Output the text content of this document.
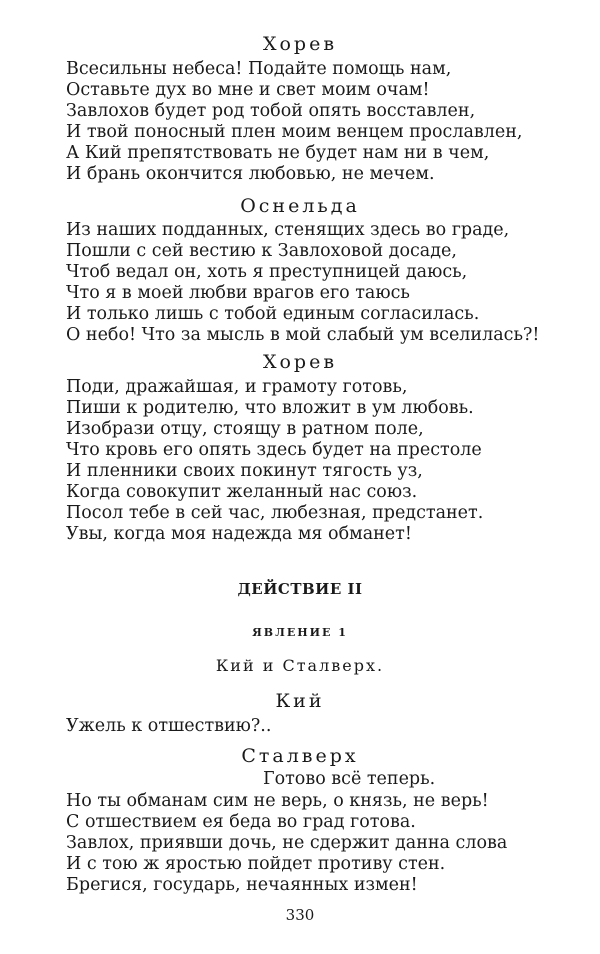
Хорев
Всесильны небеса! Подайте помощь нам,
Оставьте дух во мне и свет моим очам!
Завлохов будет род тобой опять восставлен,
И твой поносный плен моим венцем прославлен,
А Кий препятствовать не будет нам ни в чем,
И брань окончится любовью, не мечем.
Оснельда
Из наших подданных, стенящих здесь во граде,
Пошли с сей вестию к Завлоховой досаде,
Чтоб ведал он, хоть я преступницей даюсь,
Что я в моей любви врагов его таюсь
И только лишь с тобой единым согласилась.
О небо! Что за мысль в мой слабый ум вселилась?!
Хорев
Поди, дражайшая, и грамоту готовь,
Пиши к родителю, что вложит в ум любовь.
Изобрази отцу, стоящу в ратном поле,
Что кровь его опять здесь будет на престоле
И пленники своих покинут тягость уз,
Когда совокупит желанный нас союз.
Посол тебе в сей час, любезная, предстанет.
Увы, когда моя надежда мя обманет!
ДЕЙСТВИЕ II
ЯВЛЕНИЕ 1
Кий и Сталверх.
Кий
Ужель к отшествию?..
Сталверх
Готово всё теперь.
Но ты обманам сим не верь, о князь, не верь!
С отшествием ея беда во град готова.
Завлох, приявши дочь, не сдержит данна слова
И с тою ж яростью пойдет противу стен.
Брегися, государь, нечаянных измен!
330
